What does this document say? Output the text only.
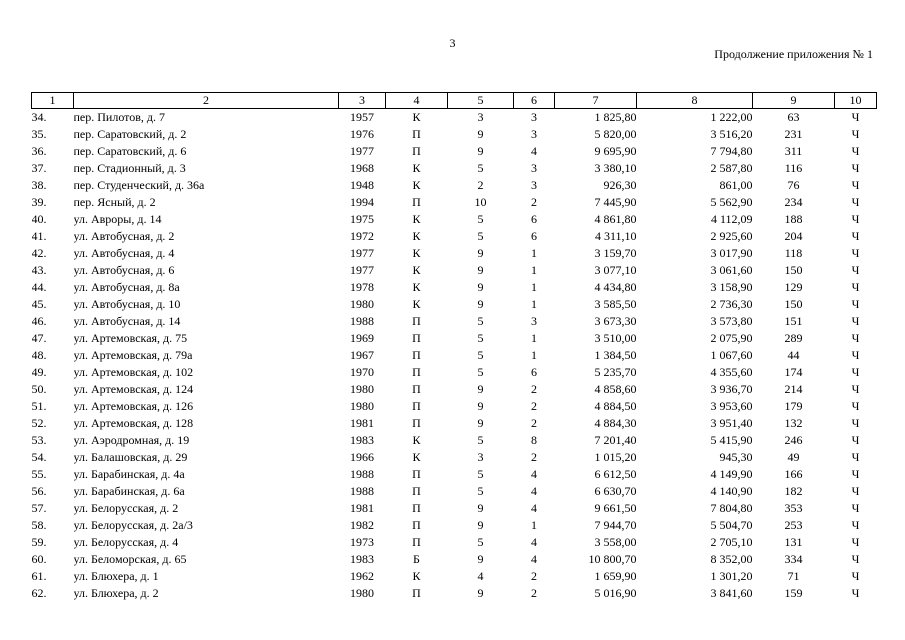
3
Продолжение приложения № 1
1	2	3	4	5	6	7	8	9	10
34.	пер. Пилотов, д. 7	1957	К	3	3	1 825,80	1 222,00	63	Ч
35.	пер. Саратовский, д. 2	1976	П	9	3	5 820,00	3 516,20	231	Ч
36.	пер. Саратовский, д. 6	1977	П	9	4	9 695,90	7 794,80	311	Ч
37.	пер. Стадионный, д. 3	1968	К	5	3	3 380,10	2 587,80	116	Ч
38.	пер. Студенческий, д. 36а	1948	К	2	3	926,30	861,00	76	Ч
39.	пер. Ясный, д. 2	1994	П	10	2	7 445,90	5 562,90	234	Ч
40.	ул. Авроры, д. 14	1975	К	5	6	4 861,80	4 112,09	188	Ч
41.	ул. Автобусная, д. 2	1972	К	5	6	4 311,10	2 925,60	204	Ч
42.	ул. Автобусная, д. 4	1977	К	9	1	3 159,70	3 017,90	118	Ч
43.	ул. Автобусная, д. 6	1977	К	9	1	3 077,10	3 061,60	150	Ч
44.	ул. Автобусная, д. 8а	1978	К	9	1	4 434,80	3 158,90	129	Ч
45.	ул. Автобусная, д. 10	1980	К	9	1	3 585,50	2 736,30	150	Ч
46.	ул. Автобусная, д. 14	1988	П	5	3	3 673,30	3 573,80	151	Ч
47.	ул. Артемовская, д. 75	1969	П	5	1	3 510,00	2 075,90	289	Ч
48.	ул. Артемовская, д. 79а	1967	П	5	1	1 384,50	1 067,60	44	Ч
49.	ул. Артемовская, д. 102	1970	П	5	6	5 235,70	4 355,60	174	Ч
50.	ул. Артемовская, д. 124	1980	П	9	2	4 858,60	3 936,70	214	Ч
51.	ул. Артемовская, д. 126	1980	П	9	2	4 884,50	3 953,60	179	Ч
52.	ул. Артемовская, д. 128	1981	П	9	2	4 884,30	3 951,40	132	Ч
53.	ул. Аэродромная, д. 19	1983	К	5	8	7 201,40	5 415,90	246	Ч
54.	ул. Балашовская, д. 29	1966	К	3	2	1 015,20	945,30	49	Ч
55.	ул. Барабинская, д. 4а	1988	П	5	4	6 612,50	4 149,90	166	Ч
56.	ул. Барабинская, д. 6а	1988	П	5	4	6 630,70	4 140,90	182	Ч
57.	ул. Белорусская, д. 2	1981	П	9	4	9 661,50	7 804,80	353	Ч
58.	ул. Белорусская, д. 2а/3	1982	П	9	1	7 944,70	5 504,70	253	Ч
59.	ул. Белорусская, д. 4	1973	П	5	4	3 558,00	2 705,10	131	Ч
60.	ул. Беломорская, д. 65	1983	Б	9	4	10 800,70	8 352,00	334	Ч
61.	ул. Блюхера, д. 1	1962	К	4	2	1 659,90	1 301,20	71	Ч
62.	ул. Блюхера, д. 2	1980	П	9	2	5 016,90	3 841,60	159	Ч
